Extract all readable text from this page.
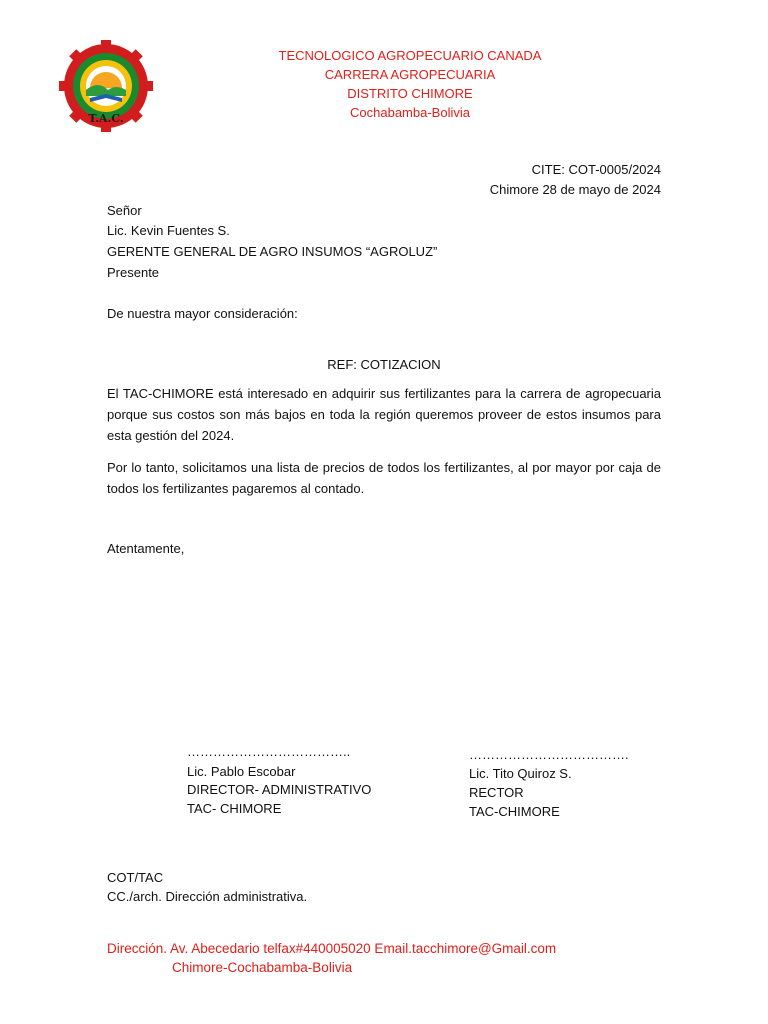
T.A.C.
TECNOLOGICO AGROPECUARIO CANADA
CARRERA AGROPECUARIA
DISTRITO CHIMORE
Cochabamba-Bolivia
CITE: COT-0005/2024
Chimore 28 de mayo de 2024
Señor
Lic. Kevin Fuentes S.
GERENTE GENERAL DE AGRO INSUMOS “AGROLUZ”
Presente
De nuestra mayor consideración:
REF: COTIZACION
El TAC-CHIMORE está interesado en adquirir sus fertilizantes para la carrera de agropecuaria porque sus costos son más bajos en toda la región queremos proveer de estos insumos para esta gestión del 2024.
Por lo tanto, solicitamos una lista de precios de todos los fertilizantes, al por mayor por caja de todos los fertilizantes pagaremos al contado.
Atentamente,
………………………………..
Lic. Pablo Escobar
DIRECTOR- ADMINISTRATIVO
TAC- CHIMORE
……………………………….
Lic. Tito Quiroz S.
RECTOR
TAC-CHIMORE
COT/TAC
CC./arch. Dirección administrativa.
Dirección. Av. Abecedario telfax#440005020 Email.tacchimore@Gmail.com
Chimore-Cochabamba-Bolivia
